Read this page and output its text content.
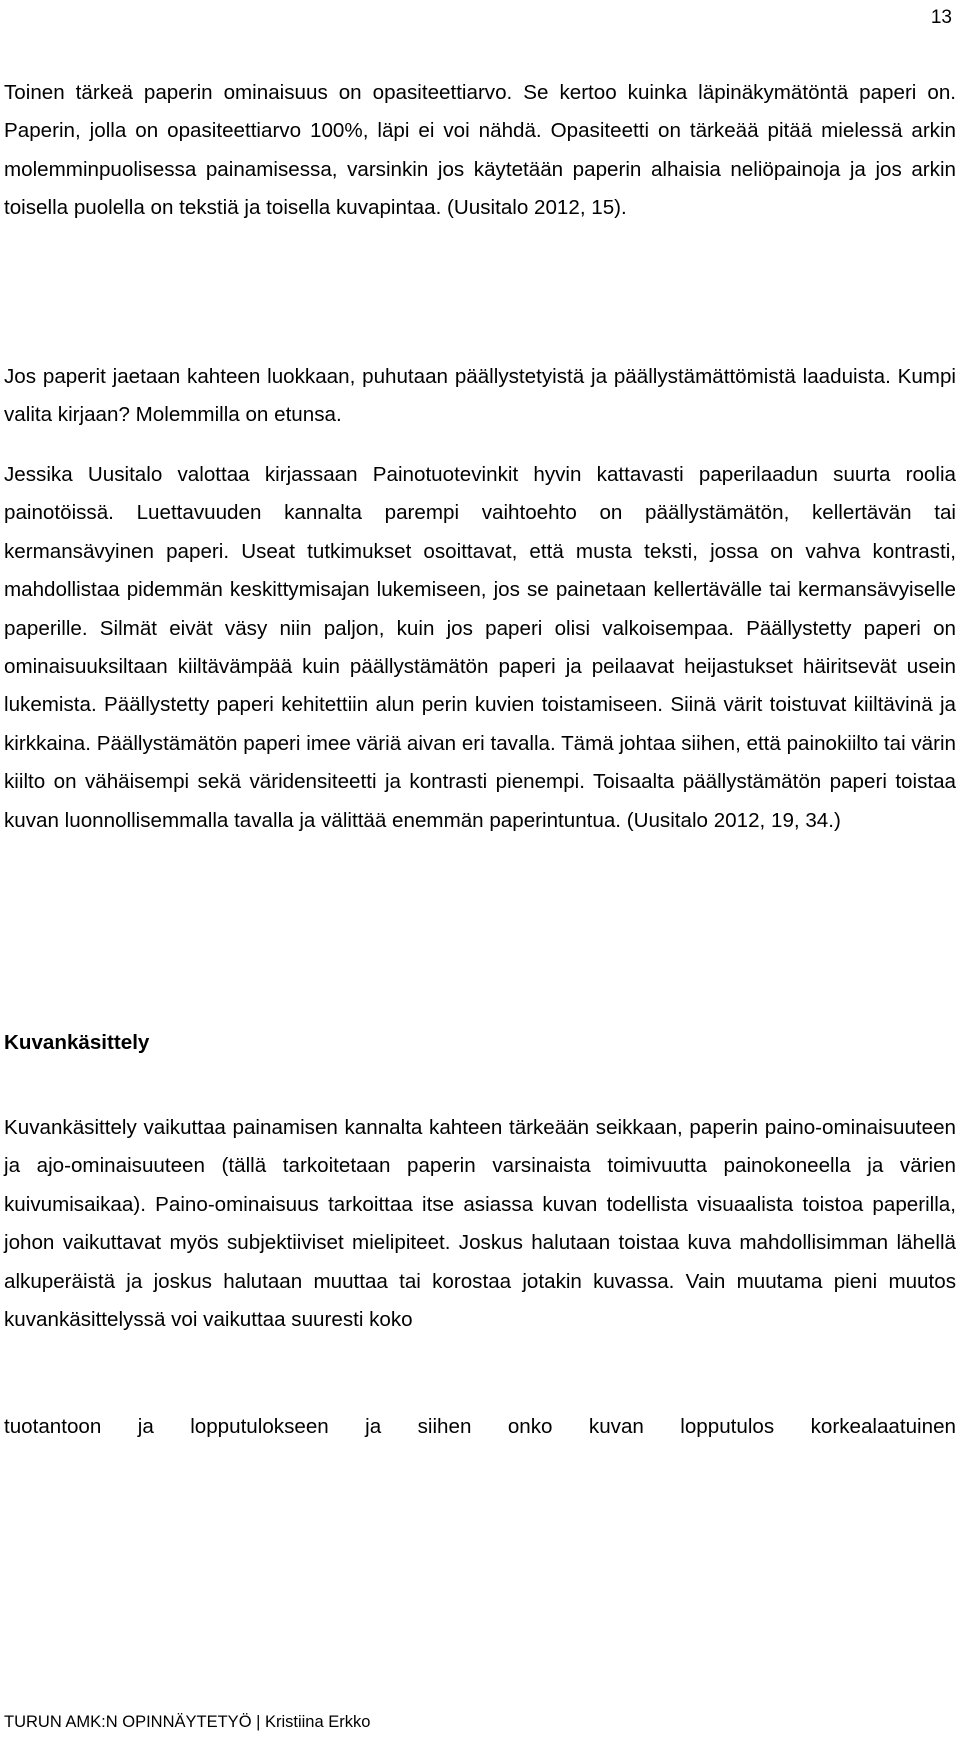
13

Toinen tärkeä paperin ominaisuus on opasiteettiarvo. Se kertoo kuinka läpinäkymätöntä paperi on. Paperin, jolla on opasiteettiarvo 100%, läpi ei voi nähdä. Opasiteetti on tärkeää pitää mielessä arkin molemminpuolisessa painamisessa, varsinkin jos käytetään paperin alhaisia neliöpainoja ja jos arkin toisella puolella on tekstiä ja toisella kuvapintaa. (Uusitalo 2012, 15).

Jos paperit jaetaan kahteen luokkaan, puhutaan päällystetyistä ja päällystämättömistä laaduista. Kumpi valita kirjaan? Molemmilla on etunsa.

Jessika Uusitalo valottaa kirjassaan Painotuotevinkit hyvin kattavasti paperilaadun suurta roolia painotöissä. Luettavuuden kannalta parempi vaihtoehto on päällystämätön, kellertävän tai kermansävyinen paperi. Useat tutkimukset osoittavat, että musta teksti, jossa on vahva kontrasti, mahdollistaa pidemmän keskittymisajan lukemiseen, jos se painetaan kellertävälle tai kermansävyiselle paperille. Silmät eivät väsy niin paljon, kuin jos paperi olisi valkoisempaa. Päällystetty paperi on ominaisuuksiltaan kiiltävämpää kuin päällystämätön paperi ja peilaavat heijastukset häiritsevät usein lukemista. Päällystetty paperi kehitettiin alun perin kuvien toistamiseen. Siinä värit toistuvat kiiltävinä ja kirkkaina. Päällystämätön paperi imee väriä aivan eri tavalla. Tämä johtaa siihen, että painokiilto tai värin kiilto on vähäisempi sekä väridensiteetti ja kontrasti pienempi. Toisaalta päällystämätön paperi toistaa kuvan luonnollisemmalla tavalla ja välittää enemmän paperintuntua. (Uusitalo 2012, 19, 34.)

Kuvankäsittely

Kuvankäsittely vaikuttaa painamisen kannalta kahteen tärkeään seikkaan, paperin paino-ominaisuuteen ja ajo-ominaisuuteen (tällä tarkoitetaan paperin varsinaista toimivuutta painokoneella ja värien kuivumisaikaa). Paino-ominaisuus tarkoittaa itse asiassa kuvan todellista visuaalista toistoa paperilla, johon vaikuttavat myös subjektiiviset mielipiteet. Joskus halutaan toistaa kuva mahdollisimman lähellä alkuperäistä ja joskus halutaan muuttaa tai korostaa jotakin kuvassa. Vain muutama pieni muutos kuvankäsittelyssä voi vaikuttaa suuresti koko

tuotantoon ja lopputulokseen ja siihen onko kuvan lopputulos korkealaatuinen

TURUN AMK:N OPINNÄYTETYÖ | Kristiina Erkko
